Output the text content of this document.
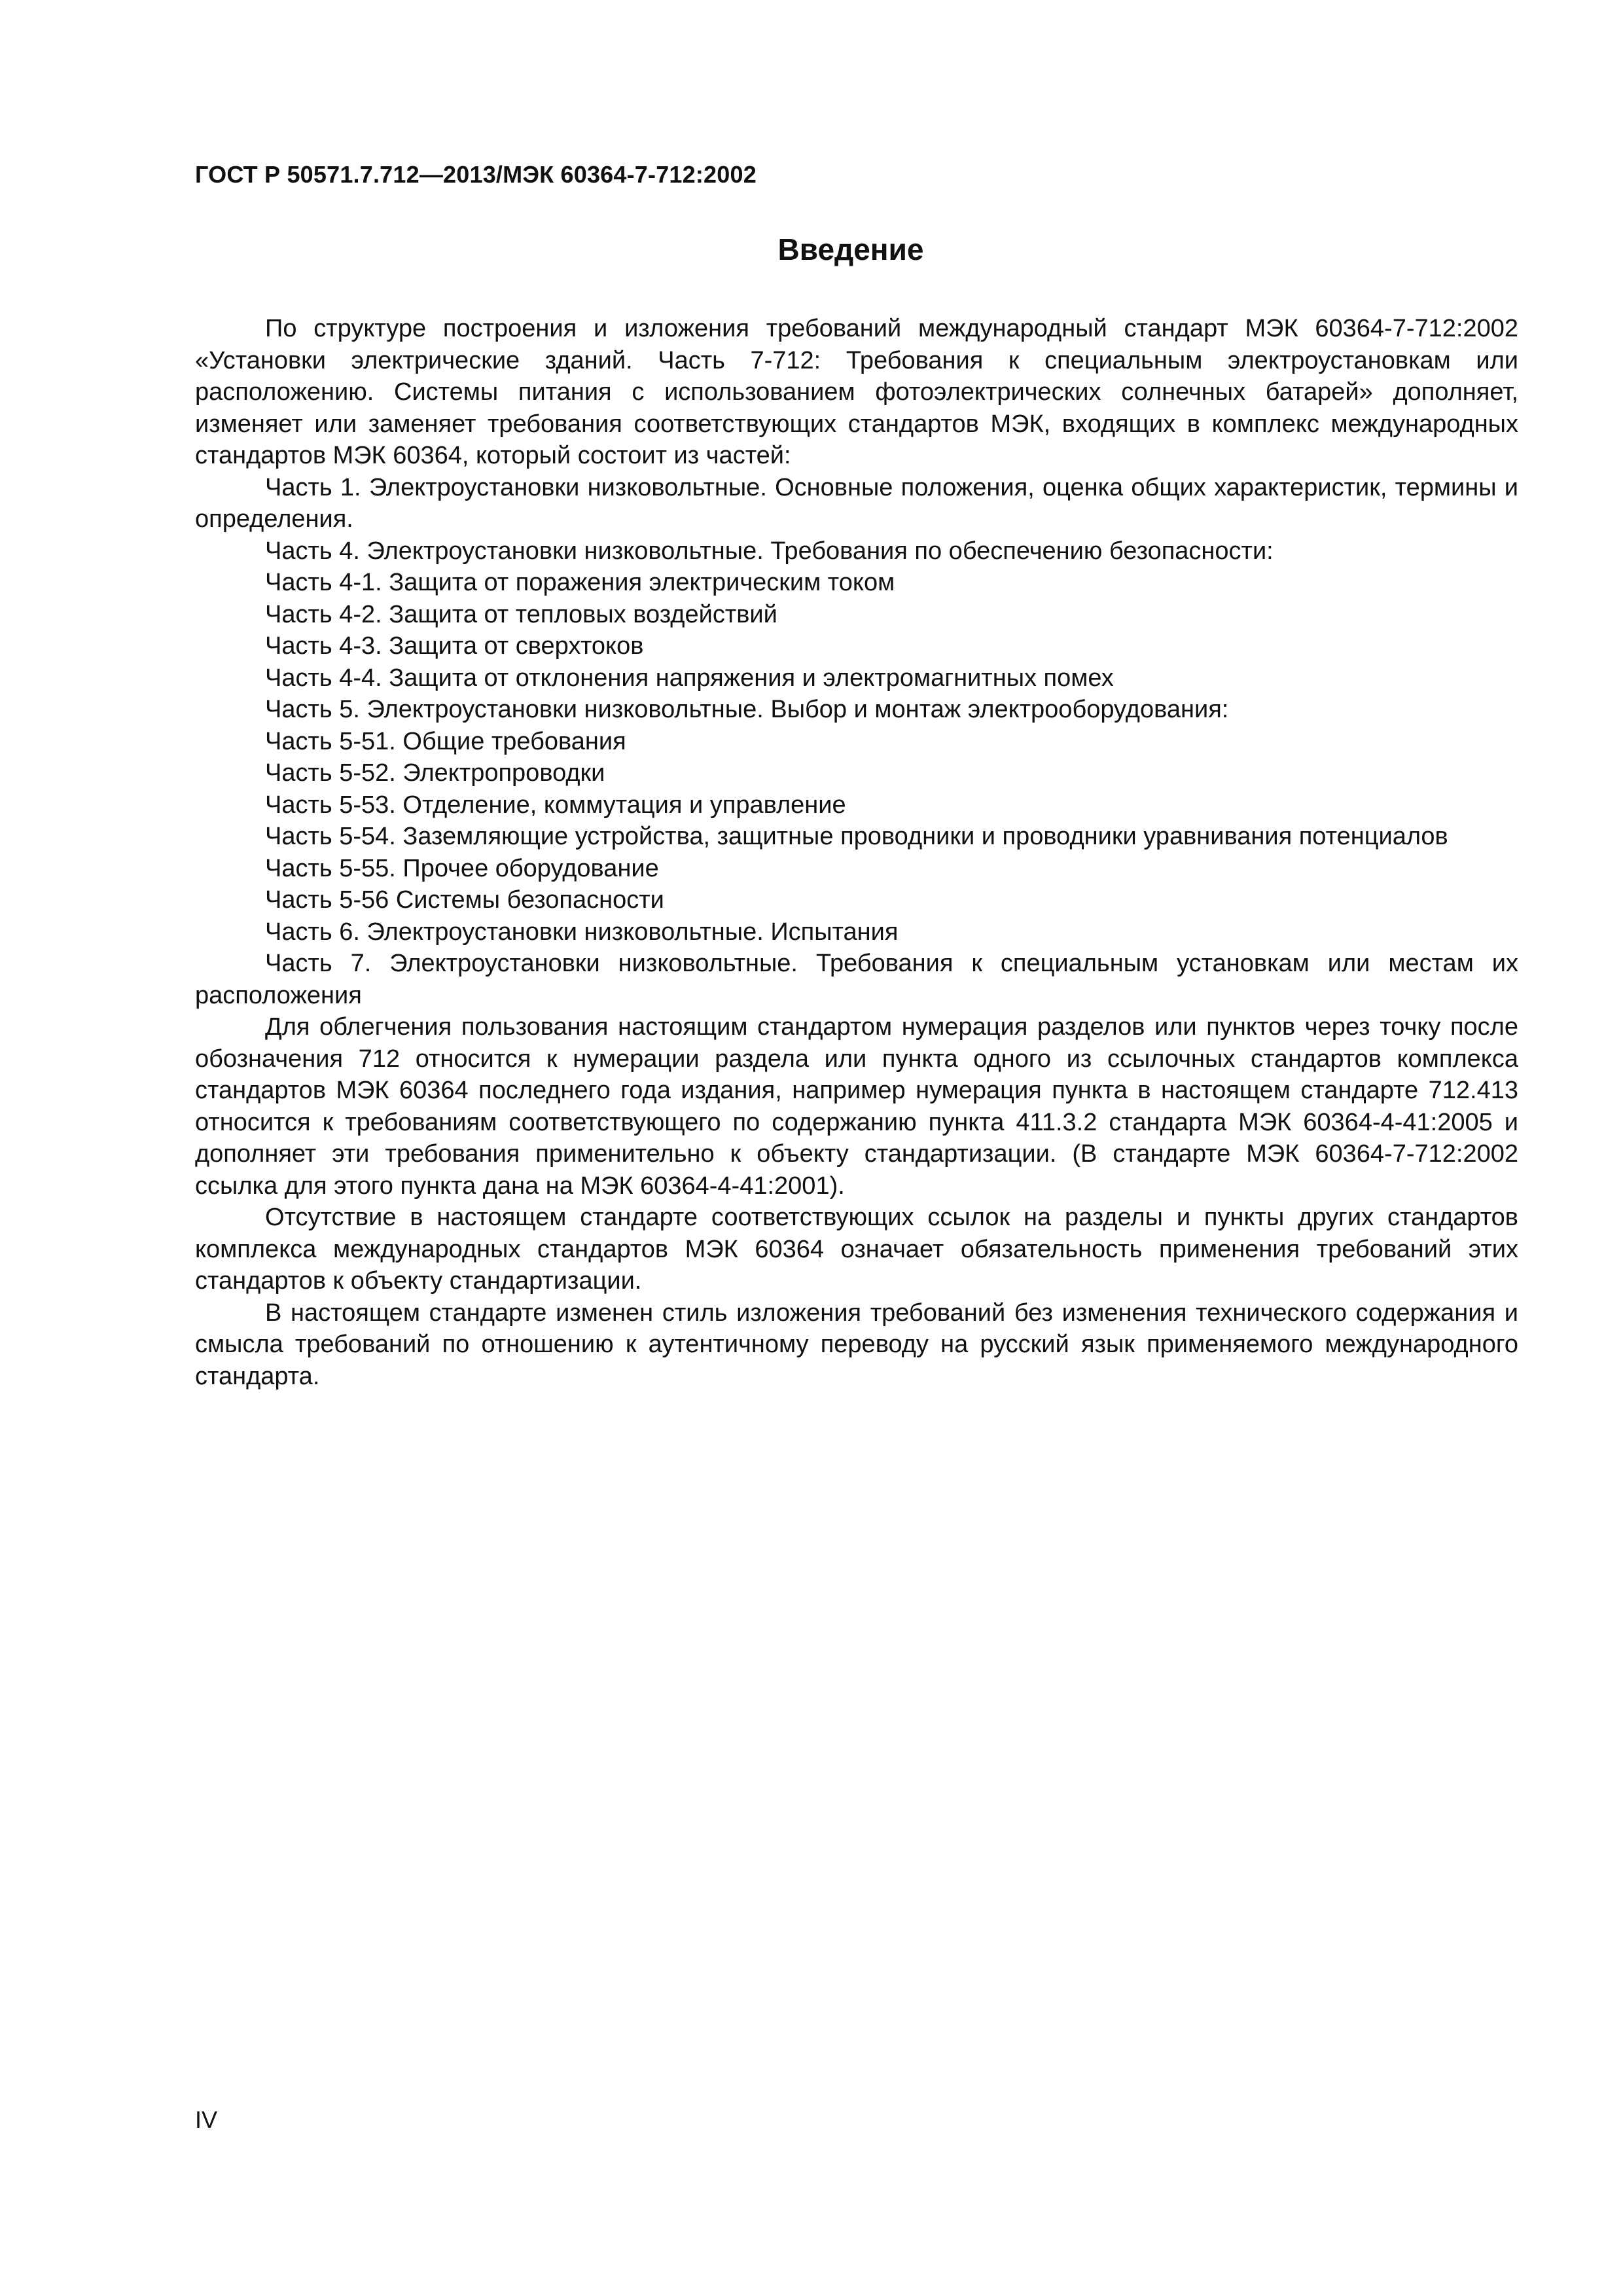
ГОСТ Р 50571.7.712—2013/МЭК 60364-7-712:2002
Введение

По структуре построения и изложения требований международный стандарт МЭК 60364-7-712:2002 «Установки электрические зданий. Часть 7-712: Требования к специальным электроустановкам или расположению. Системы питания с использованием фотоэлектрических солнечных батарей» дополняет, изменяет или заменяет требования соответствующих стандартов МЭК, входящих в комплекс международных стандартов МЭК 60364, который состоит из частей:

Часть 1. Электроустановки низковольтные. Основные положения, оценка общих характеристик, термины и определения.

Часть 4. Электроустановки низковольтные. Требования по обеспечению безопасности:

Часть 4-1. Защита от поражения электрическим током

Часть 4-2. Защита от тепловых воздействий

Часть 4-3. Защита от сверхтоков

Часть 4-4. Защита от отклонения напряжения и электромагнитных помех

Часть 5. Электроустановки низковольтные. Выбор и монтаж электрооборудования:

Часть 5-51. Общие требования

Часть 5-52. Электропроводки

Часть 5-53. Отделение, коммутация и управление

Часть 5-54. Заземляющие устройства, защитные проводники и проводники уравнивания потенциалов

Часть 5-55. Прочее оборудование

Часть 5-56 Системы безопасности

Часть 6. Электроустановки низковольтные. Испытания

Часть 7. Электроустановки низковольтные. Требования к специальным установкам или местам их расположения

Для облегчения пользования настоящим стандартом нумерация разделов или пунктов через точку после обозначения 712 относится к нумерации раздела или пункта одного из ссылочных стандартов комплекса стандартов МЭК 60364 последнего года издания, например нумерация пункта в настоящем стандарте 712.413 относится к требованиям соответствующего по содержанию пункта 411.3.2 стандарта МЭК 60364-4-41:2005 и дополняет эти требования применительно к объекту стандартизации. (В стандарте МЭК 60364-7-712:2002 ссылка для этого пункта дана на МЭК 60364-4-41:2001).

Отсутствие в настоящем стандарте соответствующих ссылок на разделы и пункты других стандартов комплекса международных стандартов МЭК 60364 означает обязательность применения требований этих стандартов к объекту стандартизации.

В настоящем стандарте изменен стиль изложения требований без изменения технического содержания и смысла требований по отношению к аутентичному переводу на русский язык применяемого международного стандарта.

IV
